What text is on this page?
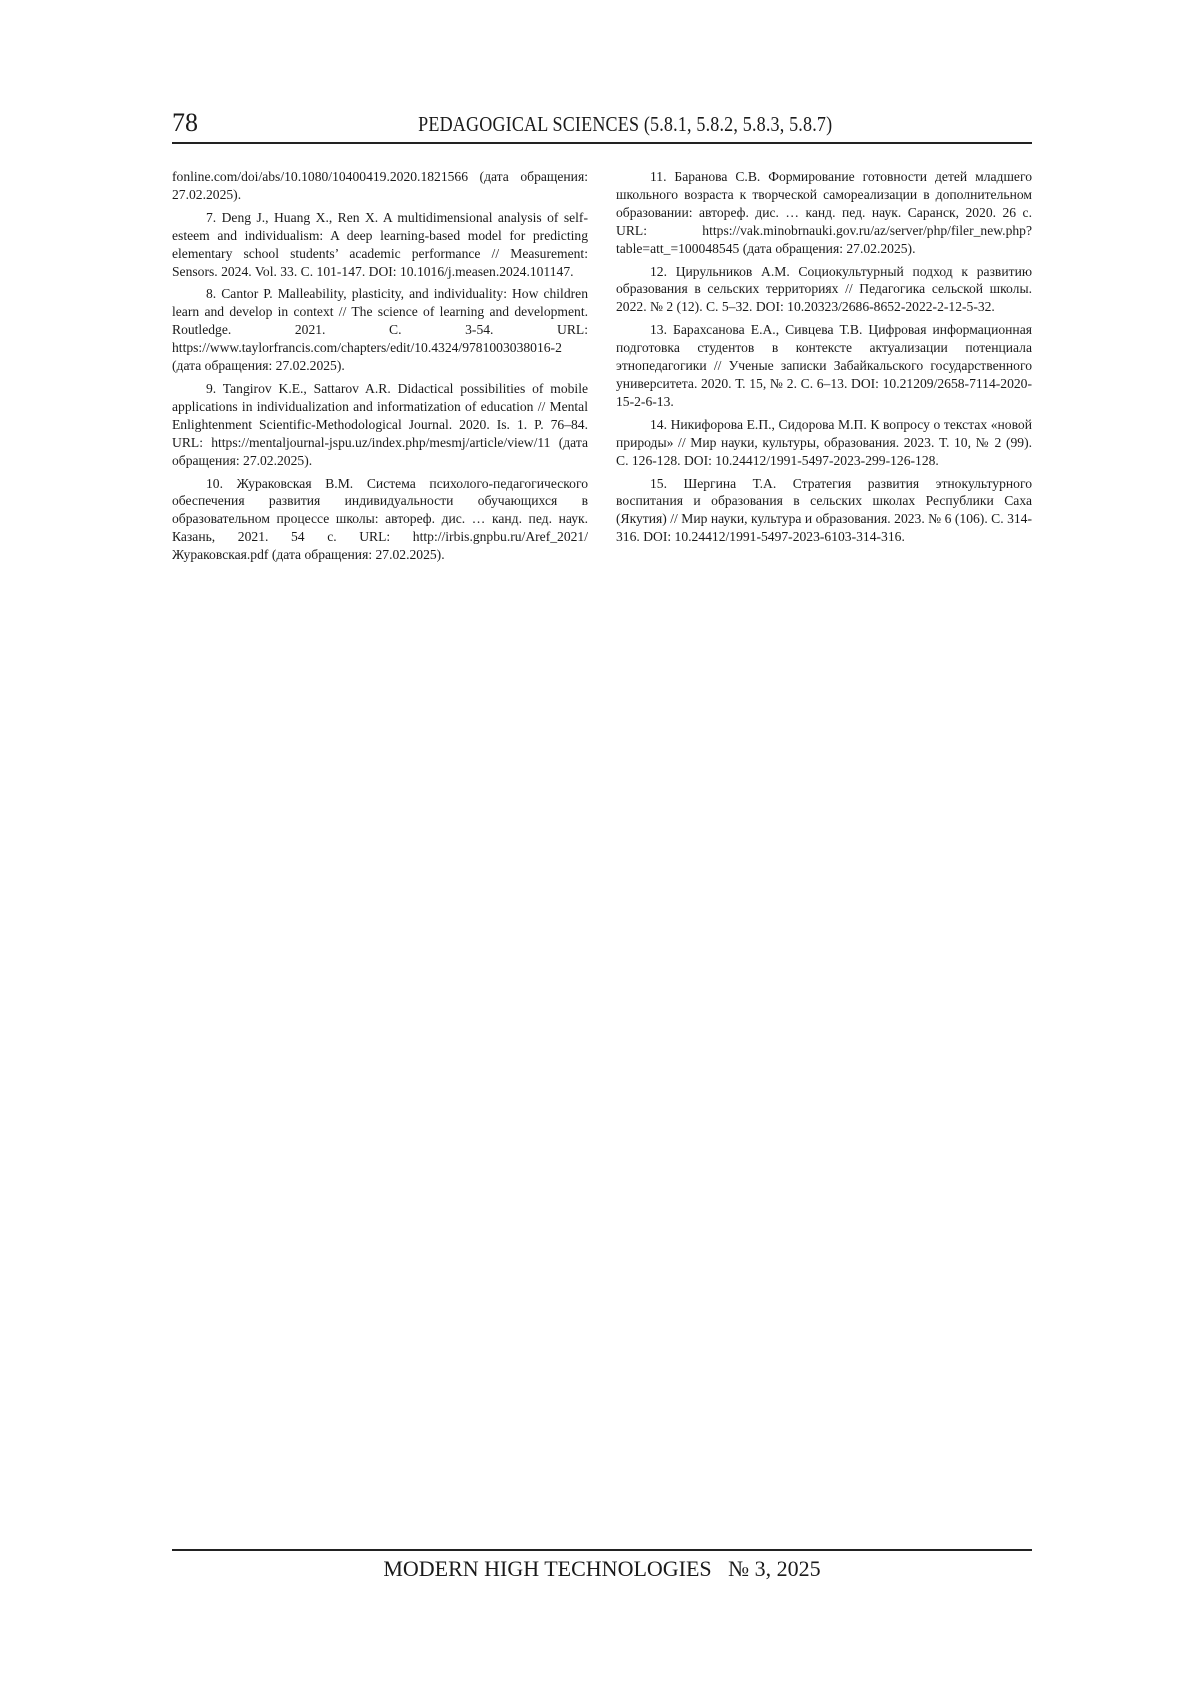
78	PEDAGOGICAL SCIENCES (5.8.1, 5.8.2, 5.8.3, 5.8.7)

fonline.com/doi/abs/10.1080/10400419.2020.1821566 (дата обращения: 27.02.2025).

7. Deng J., Huang X., Ren X. A multidimensional analysis of self-esteem and individualism: A deep learning-based model for predicting elementary school students’ academic performance // Measurement: Sensors. 2024. Vol. 33. С. 101-147. DOI: 10.1016/j.measen.2024.101147.

8. Cantor P. Malleability, plasticity, and individuality: How children learn and develop in context // The science of learning and development. Routledge. 2021. С. 3-54. URL: https://www.taylorfrancis.com/chapters/edit/10.4324/9781003038016-2 (дата обращения: 27.02.2025).

9. Tangirov K.E., Sattarov A.R. Didactical possibilities of mobile applications in individualization and informatization of education // Mental Enlightenment Scientific-Methodological Journal. 2020. Is. 1. P. 76–84. URL: https://mentaljournal-jspu.uz/index.php/mesmj/article/view/11 (дата обращения: 27.02.2025).

10. Жураковская В.М. Система психолого-педагогического обеспечения развития индивидуальности обучающихся в образовательном процессе школы: автореф. дис. … канд. пед. наук. Казань, 2021. 54 с. URL: http://irbis.gnpbu.ru/Aref_2021/Жураковская.pdf (дата обращения: 27.02.2025).

11. Баранова С.В. Формирование готовности детей младшего школьного возраста к творческой самореализации в дополнительном образовании: автореф. дис. … канд. пед. наук. Саранск, 2020. 26 с. URL: https://vak.minobrnauki.gov.ru/az/server/php/filer_new.php?table=att_=100048545 (дата обращения: 27.02.2025).

12. Цирульников А.М. Социокультурный подход к развитию образования в сельских территориях // Педагогика сельской школы. 2022. № 2 (12). С. 5–32. DOI: 10.20323/2686-8652-2022-2-12-5-32.

13. Барахсанова Е.А., Сивцева Т.В. Цифровая информационная подготовка студентов в контексте актуализации потенциала этнопедагогики // Ученые записки Забайкальского государственного университета. 2020. Т. 15, № 2. С. 6–13. DOI: 10.21209/2658-7114-2020-15-2-6-13.

14. Никифорова Е.П., Сидорова М.П. К вопросу о текстах «новой природы» // Мир науки, культуры, образования. 2023. Т. 10, № 2 (99). С. 126-128. DOI: 10.24412/1991-5497-2023-299-126-128.

15. Шергина Т.А. Стратегия развития этнокультурного воспитания и образования в сельских школах Республики Саха (Якутия) // Мир науки, культура и образования. 2023. № 6 (106). С. 314-316. DOI: 10.24412/1991-5497-2023-6103-314-316.

MODERN HIGH TECHNOLOGIES   № 3, 2025
